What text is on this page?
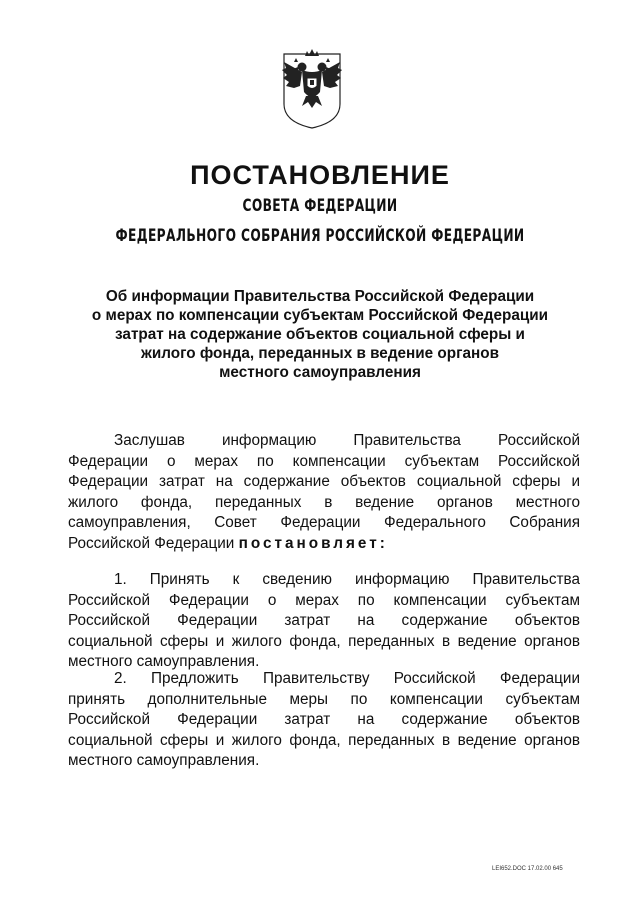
ПОСТАНОВЛЕНИЕ
СОВЕТА ФЕДЕРАЦИИ
ФЕДЕРАЛЬНОГО СОБРАНИЯ РОССИЙСКОЙ ФЕДЕРАЦИИ
Об информации Правительства Российской Федерации
о мерах по компенсации субъектам Российской Федерации
затрат на содержание объектов социальной сферы и
жилого фонда, переданных в ведение органов
местного самоуправления
Заслушав информацию Правительства Российской
Федерации о мерах по компенсации субъектам Российской
Федерации затрат на содержание объектов социальной сферы и
жилого фонда, переданных в ведение органов местного
самоуправления, Совет Федерации Федерального Собрания
Российской Федерации постановляет:
1. Принять к сведению информацию Правительства
Российской Федерации о мерах по компенсации субъектам
Российской Федерации затрат на содержание объектов
социальной сферы и жилого фонда, переданных в ведение органов
местного самоуправления.
2. Предложить Правительству Российской Федерации
принять дополнительные меры по компенсации субъектам
Российской Федерации затрат на содержание объектов
социальной сферы и жилого фонда, переданных в ведение органов
местного самоуправления.
LEI652.DOC 17.02.00 645
